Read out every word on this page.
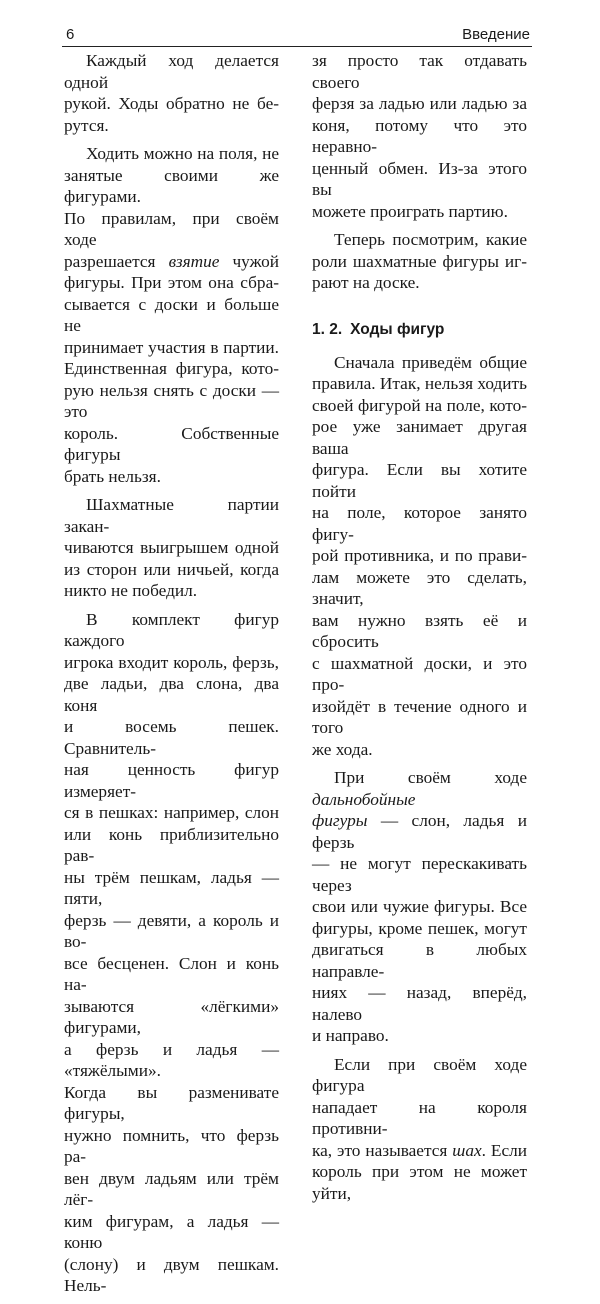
6	Введение

Каждый ход делается одной
рукой. Ходы обратно не бе-
рутся.

Ходить можно на поля, не
занятые своими же фигурами.
По правилам, при своём ходе
разрешается взятие чужой
фигуры. При этом она сбра-
сывается с доски и больше не
принимает участия в партии.
Единственная фигура, кото-
рую нельзя снять с доски — это
король. Собственные фигуры
брать нельзя.

Шахматные партии закан-
чиваются выигрышем одной
из сторон или ничьей, когда
никто не победил.

В комплект фигур каждого
игрока входит король, ферзь,
две ладьи, два слона, два коня
и восемь пешек. Сравнитель-
ная ценность фигур измеряет-
ся в пешках: например, слон
или конь приблизительно рав-
ны трём пешкам, ладья — пяти,
ферзь — девяти, а король и во-
все бесценен. Слон и конь на-
зываются «лёгкими» фигурами,
а ферзь и ладья — «тяжёлыми».
Когда вы разменивате фигуры,
нужно помнить, что ферзь ра-
вен двум ладьям или трём лёг-
ким фигурам, а ладья — коню
(слону) и двум пешкам. Нель-

зя просто так отдавать своего
ферзя за ладью или ладью за
коня, потому что это неравно-
ценный обмен. Из-за этого вы
можете проиграть партию.

Теперь посмотрим, какие
роли шахматные фигуры иг-
рают на доске.

1. 2. Ходы фигур

Сначала приведём общие
правила. Итак, нельзя ходить
своей фигурой на поле, кото-
рое уже занимает другая ваша
фигура. Если вы хотите пойти
на поле, которое занято фигу-
рой противника, и по прави-
лам можете это сделать, значит,
вам нужно взять её и сбросить
с шахматной доски, и это про-
изойдёт в течение одного и того
же хода.

При своём ходе дальнобойные
фигуры — слон, ладья и ферзь
— не могут перескакивать через
свои или чужие фигуры. Все
фигуры, кроме пешек, могут
двигаться в любых направле-
ниях — назад, вперёд, налево
и направо.

Если при своём ходе фигура
нападает на короля противни-
ка, это называется шах. Если
король при этом не может уйти,
